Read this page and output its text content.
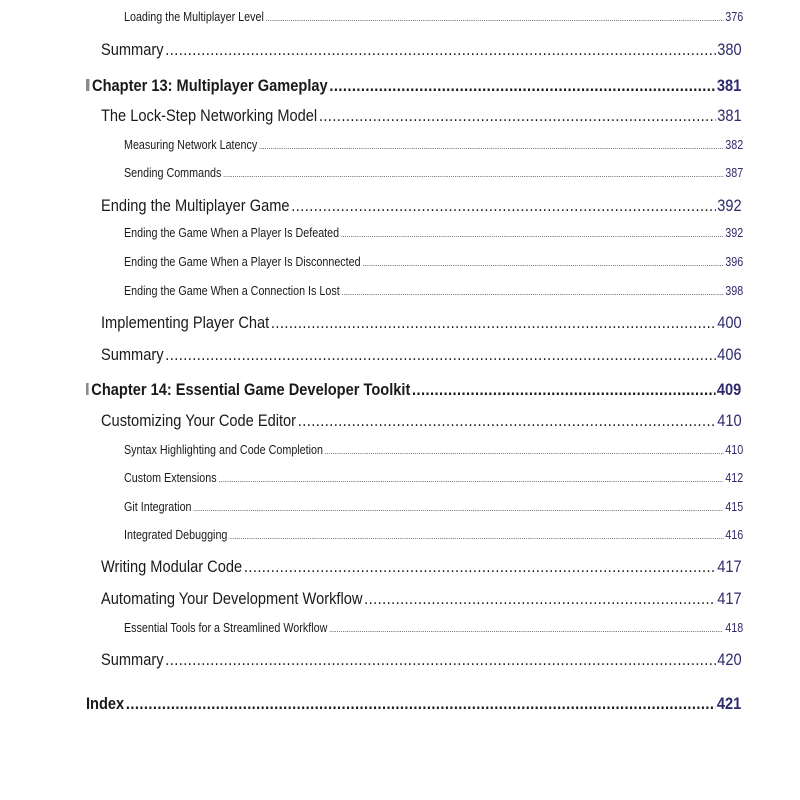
Loading the Multiplayer Level .....	376
Summary .....	380
Chapter 13: Multiplayer Gameplay .....	381
The Lock-Step Networking Model .....	381
Measuring Network Latency .....	382
Sending Commands .....	387
Ending the Multiplayer Game .....	392
Ending the Game When a Player Is Defeated .....	392
Ending the Game When a Player Is Disconnected .....	396
Ending the Game When a Connection Is Lost .....	398
Implementing Player Chat .....	400
Summary .....	406
Chapter 14: Essential Game Developer Toolkit .....	409
Customizing Your Code Editor .....	410
Syntax Highlighting and Code Completion .....	410
Custom Extensions .....	412
Git Integration .....	415
Integrated Debugging .....	416
Writing Modular Code .....	417
Automating Your Development Workflow .....	417
Essential Tools for a Streamlined Workflow .....	418
Summary .....	420
Index .....	421
